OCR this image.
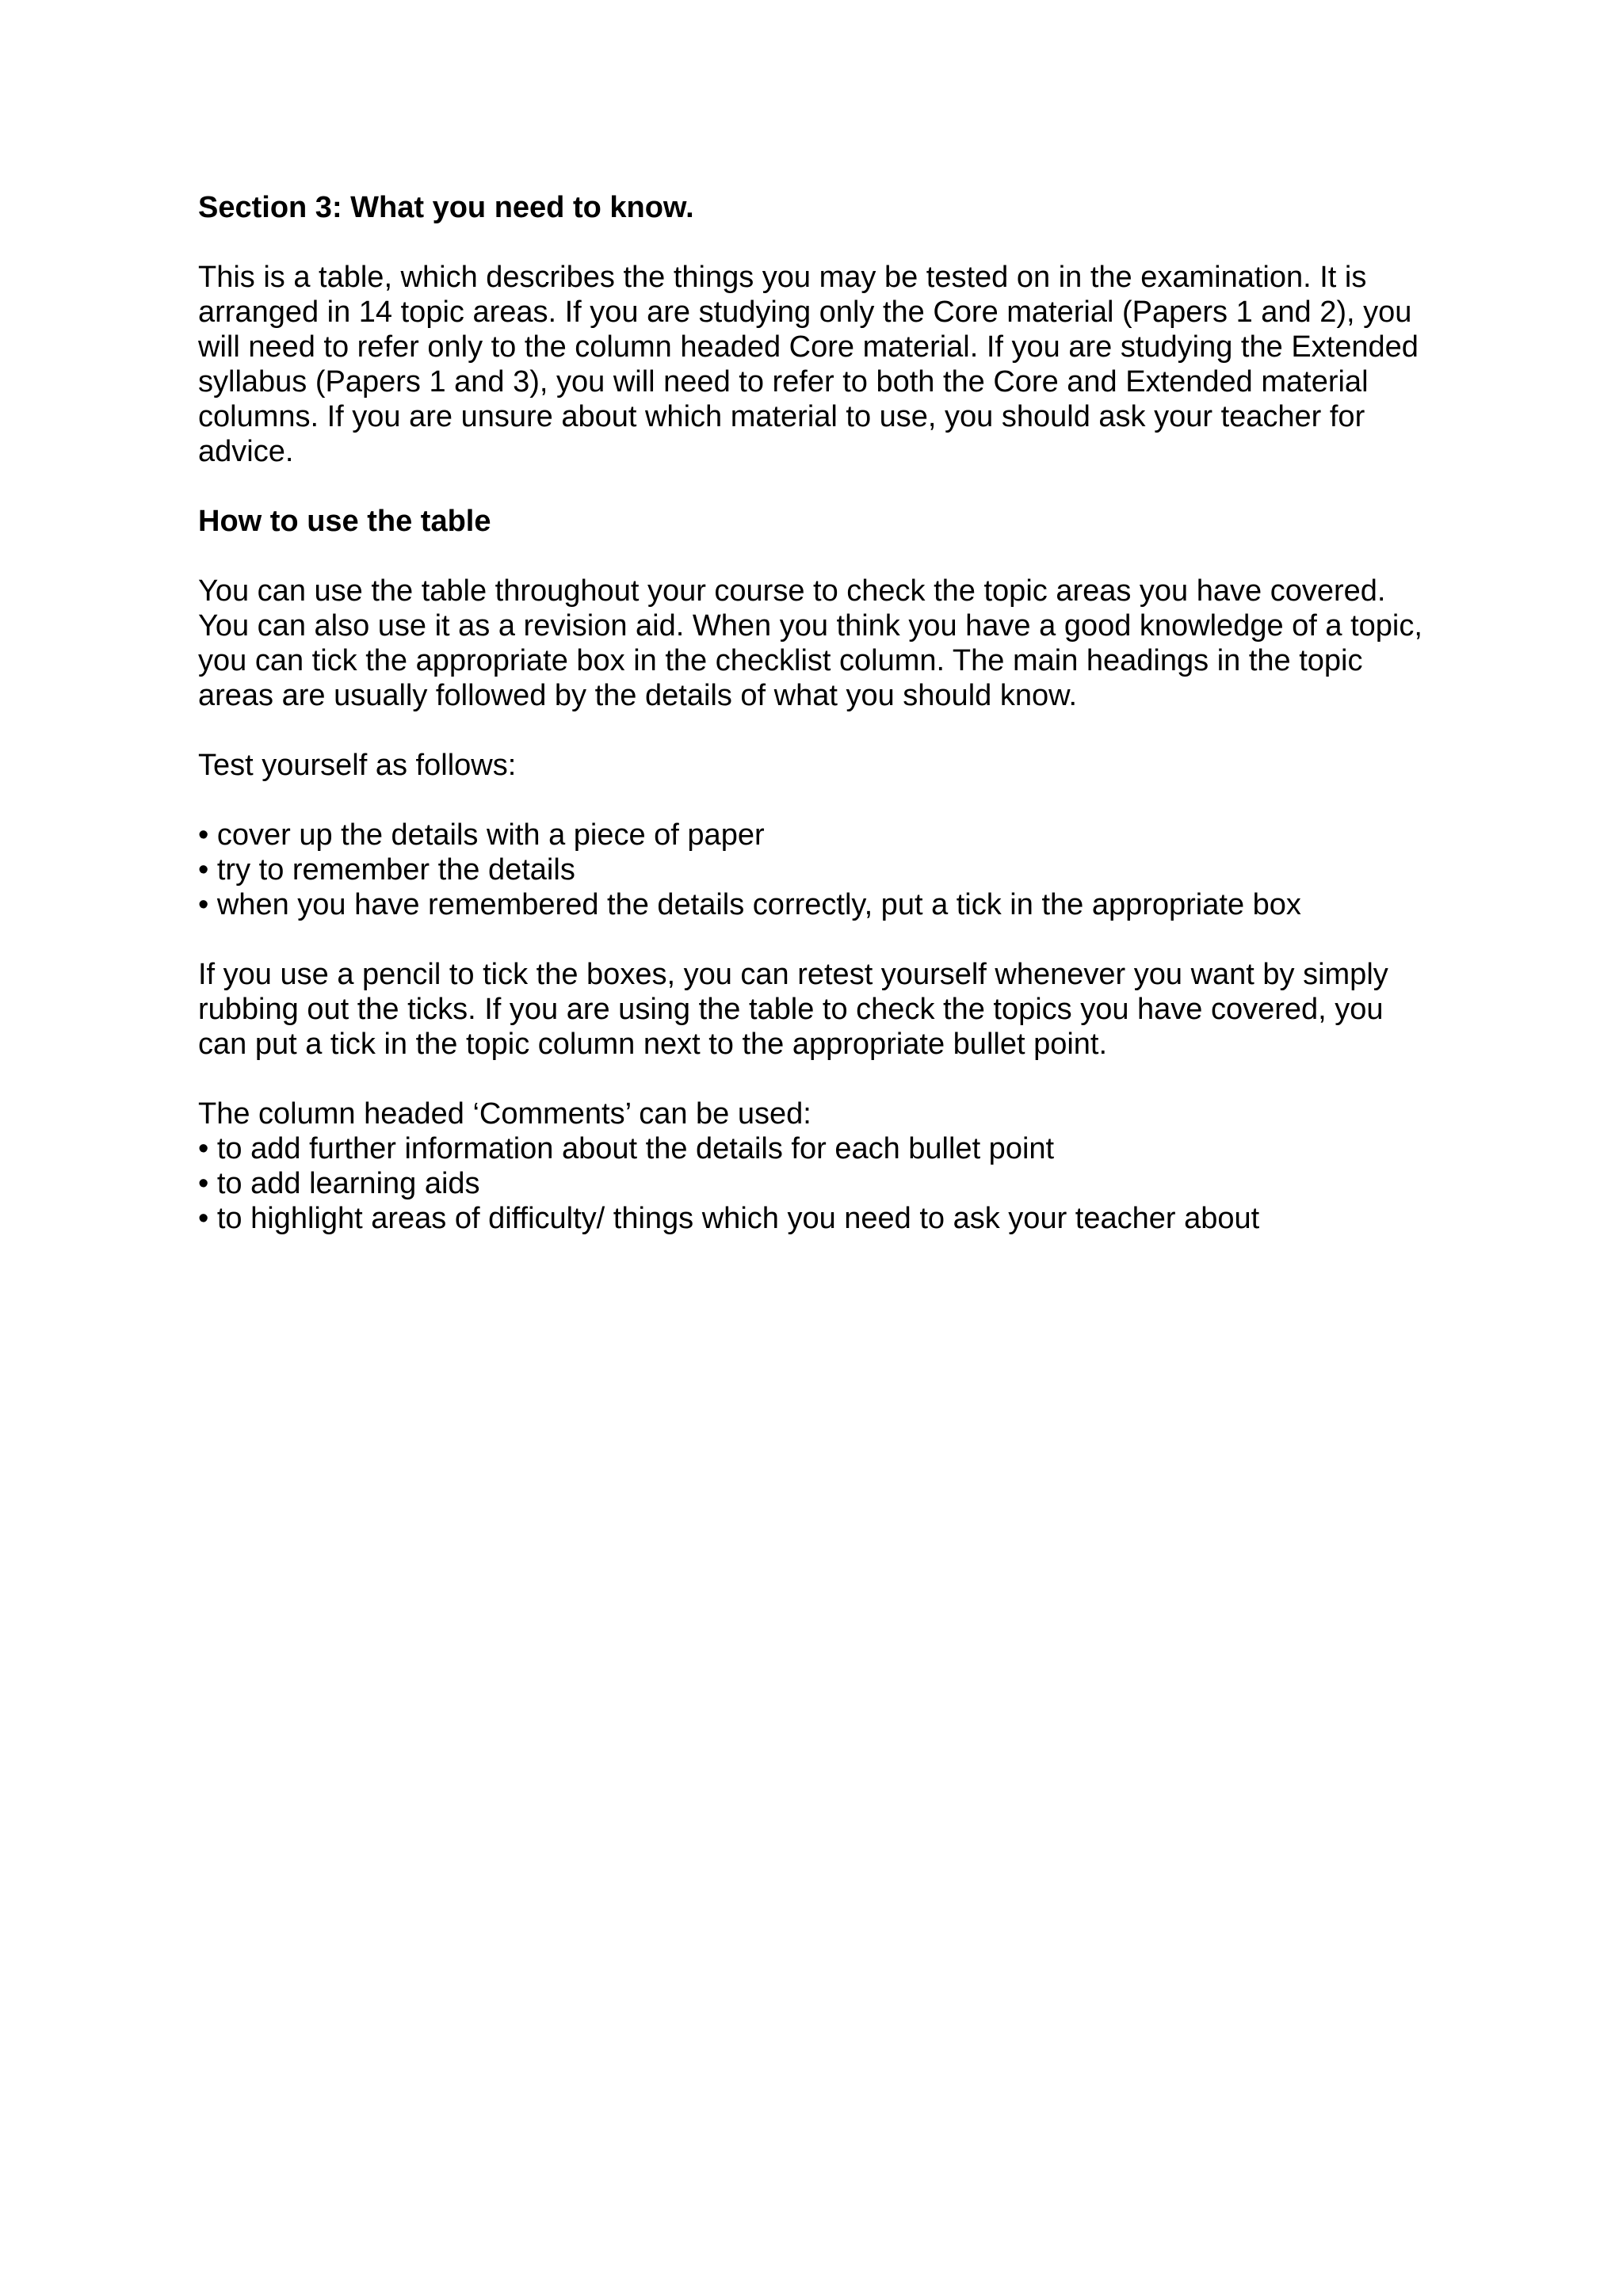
Section 3: What you need to know.

This is a table, which describes the things you may be tested on in the examination. It is
arranged in 14 topic areas. If you are studying only the Core material (Papers 1 and 2), you
will need to refer only to the column headed Core material. If you are studying the Extended
syllabus (Papers 1 and 3), you will need to refer to both the Core and Extended material
columns. If you are unsure about which material to use, you should ask your teacher for
advice.

How to use the table

You can use the table throughout your course to check the topic areas you have covered.
You can also use it as a revision aid. When you think you have a good knowledge of a topic,
you can tick the appropriate box in the checklist column. The main headings in the topic
areas are usually followed by the details of what you should know.

Test yourself as follows:

• cover up the details with a piece of paper
• try to remember the details
• when you have remembered the details correctly, put a tick in the appropriate box
If you use a pencil to tick the boxes, you can retest yourself whenever you want by simply
rubbing out the ticks. If you are using the table to check the topics you have covered, you
can put a tick in the topic column next to the appropriate bullet point.

The column headed ‘Comments’ can be used:

• to add further information about the details for each bullet point
• to add learning aids
• to highlight areas of difficulty/ things which you need to ask your teacher about
